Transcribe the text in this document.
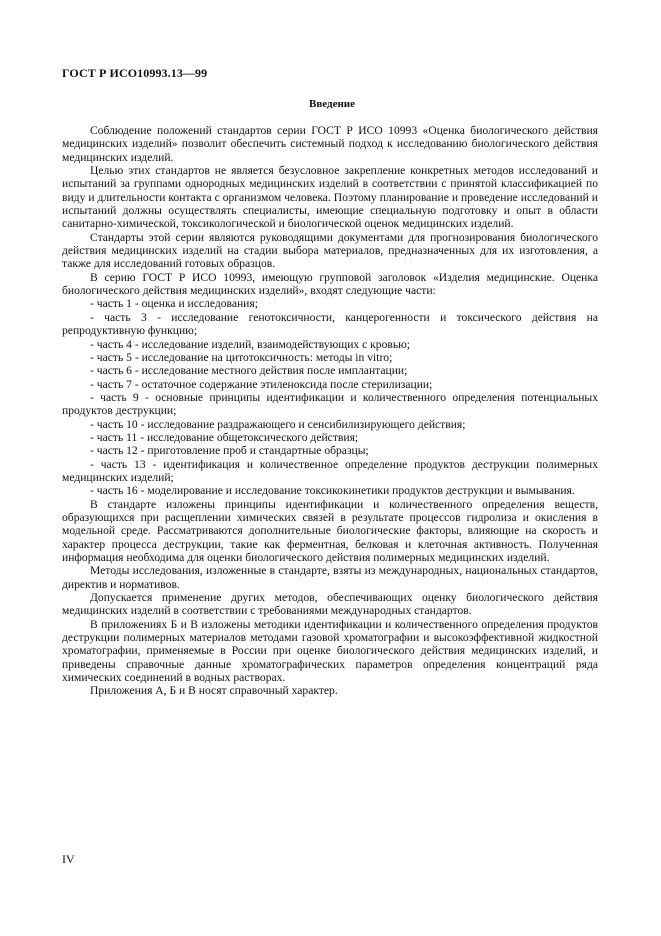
ГОСТ Р ИСО10993.13—99
Введение

Соблюдение положений стандартов серии ГОСТ Р ИСО 10993 «Оценка биологического действия медицинских изделий» позволит обеспечить системный подход к исследованию биологического действия медицинских изделий.

Целью этих стандартов не является безусловное закрепление конкретных методов исследований и испытаний за группами однородных медицинских изделий в соответствии с принятой классификацией по виду и длительности контакта с организмом человека. Поэтому планирование и проведение исследований и испытаний должны осуществлять специалисты, имеющие специальную подготовку и опыт в области санитарно-химической, токсикологической и биологической оценок медицинских изделий.

Стандарты этой серии являются руководящими документами для прогнозирования биологического действия медицинских изделий на стадии выбора материалов, предназначенных для их изготовления, а также для исследований готовых образцов.

В серию ГОСТ Р ИСО 10993, имеющую групповой заголовок «Изделия медицинские. Оценка биологического действия медицинских изделий», входят следующие части:

- часть 1 - оценка и исследования;

- часть 3 - исследование генотоксичности, канцерогенности и токсического действия на репродуктивную функцию;

- часть 4 - исследование изделий, взаимодействующих с кровью;

- часть 5 - исследование на цитотоксичность: методы in vitro;

- часть 6 - исследование местного действия после имплантации;

- часть 7 - остаточное содержание этиленоксида после стерилизации;

- часть 9 - основные принципы идентификации и количественного определения потенциальных продуктов деструкции;

- часть 10 - исследование раздражающего и сенсибилизирующего действия;

- часть 11 - исследование общетоксического действия;

- часть 12 - приготовление проб и стандартные образцы;

- часть 13 - идентификация и количественное определение продуктов деструкции полимерных медицинских изделий;

- часть 16 - моделирование и исследование токсикокинетики продуктов деструкции и вымывания.

В стандарте изложены принципы идентификации и количественного определения веществ, образующихся при расщеплении химических связей в результате процессов гидролиза и окисления в модельной среде. Рассматриваются дополнительные биологические факторы, влияющие на скорость и характер процесса деструкции, такие как ферментная, белковая и клеточная активность. Полученная информация необходима для оценки биологического действия полимерных медицинских изделий.

Методы исследования, изложенные в стандарте, взяты из международных, национальных стандартов, директив и нормативов.

Допускается применение других методов, обеспечивающих оценку биологического действия медицинских изделий в соответствии с требованиями международных стандартов.

В приложениях Б и В изложены методики идентификации и количественного определения продуктов деструкции полимерных материалов методами газовой хроматографии и высокоэффективной жидкостной хроматографии, применяемые в России при оценке биологического действия медицинских изделий, и приведены справочные данные хроматографических параметров определения концентраций ряда химических соединений в водных растворах.

Приложения А, Б и В носят справочный характер.

IV
